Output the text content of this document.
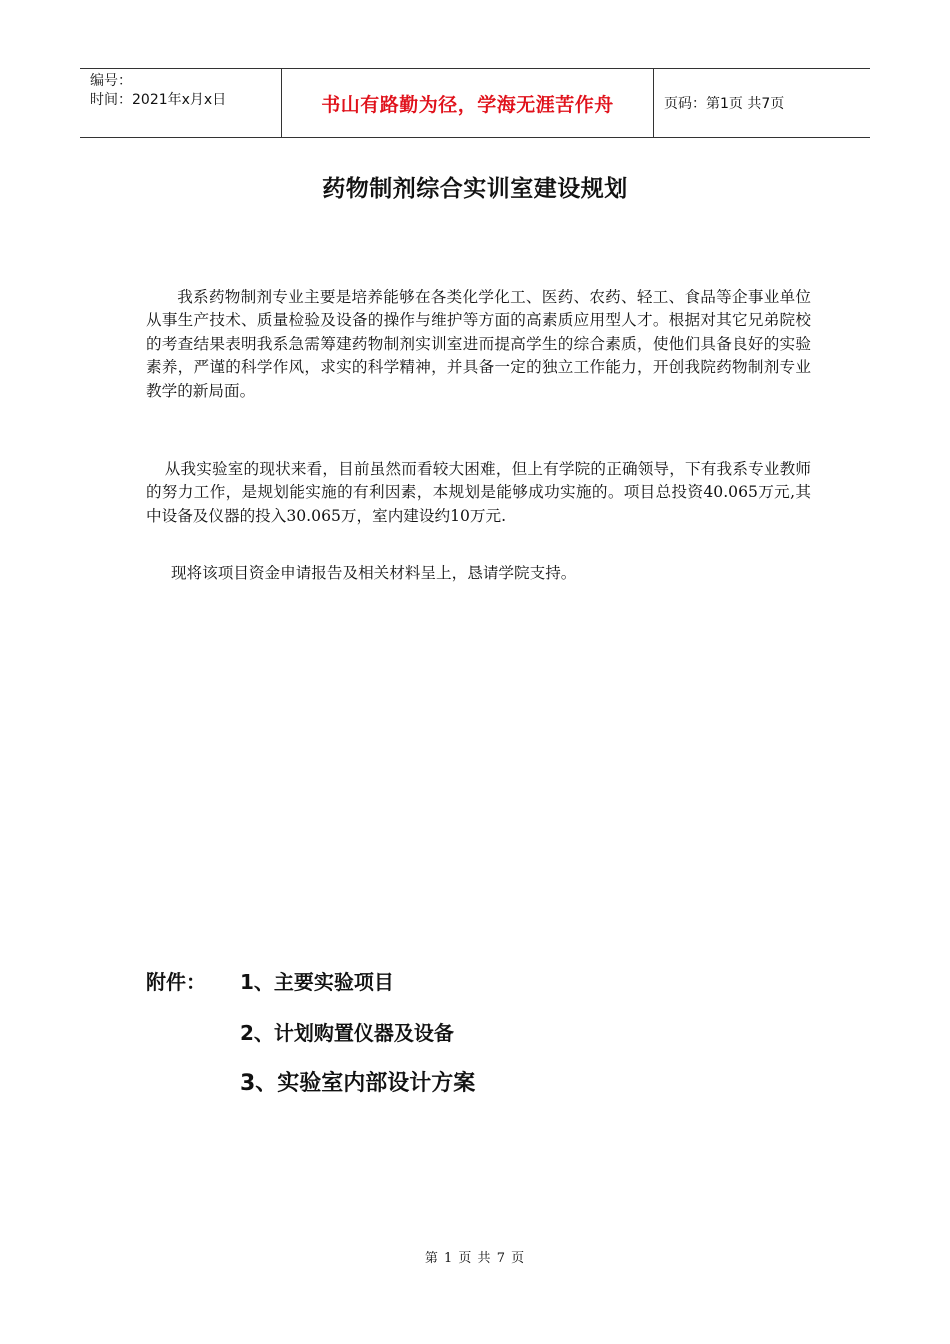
编号：
时间：2021年x月x日	书山有路勤为径，学海无涯苦作舟	页码：第1页 共7页
药物制剂综合实训室建设规划
我系药物制剂专业主要是培养能够在各类化学化工、医药、农药、轻工、食品等企事业单位从事生产技术、质量检验及设备的操作与维护等方面的高素质应用型人才。根据对其它兄弟院校的考查结果表明我系急需筹建药物制剂实训室进而提高学生的综合素质，使他们具备良好的实验素养，严谨的科学作风，求实的科学精神，并具备一定的独立工作能力，开创我院药物制剂专业教学的新局面。
从我实验室的现状来看，目前虽然而看较大困难，但上有学院的正确领导，下有我系专业教师的努力工作，是规划能实施的有利因素，本规划是能够成功实施的。项目总投资40.065万元,其中设备及仪器的投入30.065万，室内建设约10万元.
现将该项目资金申请报告及相关材料呈上，恳请学院支持。
附件： 1、主要实验项目
2、计划购置仪器及设备
3、实验室内部设计方案
第 1 页 共 7 页
